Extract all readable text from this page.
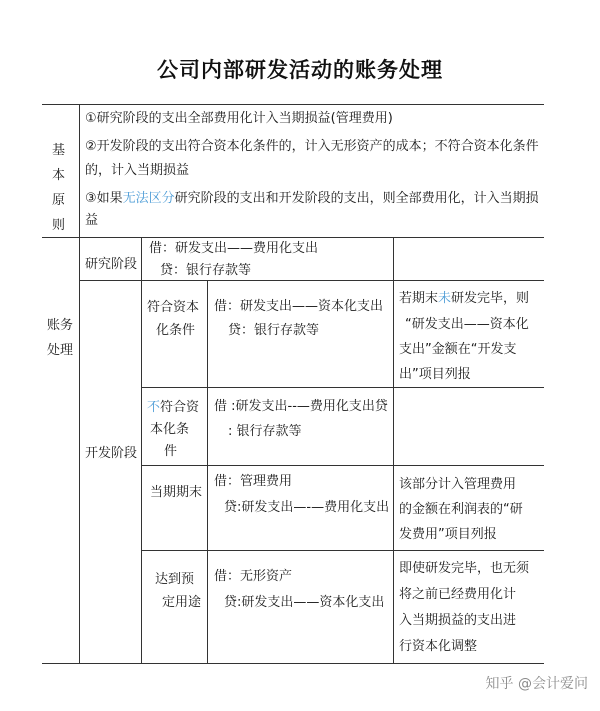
公司内部研发活动的账务处理
基
本
原
则
①研究阶段的支出全部费用化计入当期损益(管理费用)
②开发阶段的支出符合资本化条件的，计入无形资产的成本；不符合资本化条件
的，计入当期损益
③如果无法区分研究阶段的支出和开发阶段的支出，则全部费用化，计入当期损
益
账务
处理
研究阶段
借：研发支出——费用化支出
贷：银行存款等
开发阶段
符合资本
化条件
借：研发支出——资本化支出
贷：银行存款等
若期末未研发完毕，则
“研发支出——资本化
支出”金额在“开发支
出”项目列报
不符合资
本化条
件
借 :研发支出--—费用化支出贷
: 银行存款等
当期期末
借：管理费用
贷:研发支出—-—费用化支出
该部分计入管理费用
的金额在利润表的“研
发费用”项目列报
达到预
定用途
借：无形资产
贷:研发支出——资本化支出
即使研发完毕，也无须
将之前已经费用化计
入当期损益的支出进
行资本化调整
知乎 @会计爱问
